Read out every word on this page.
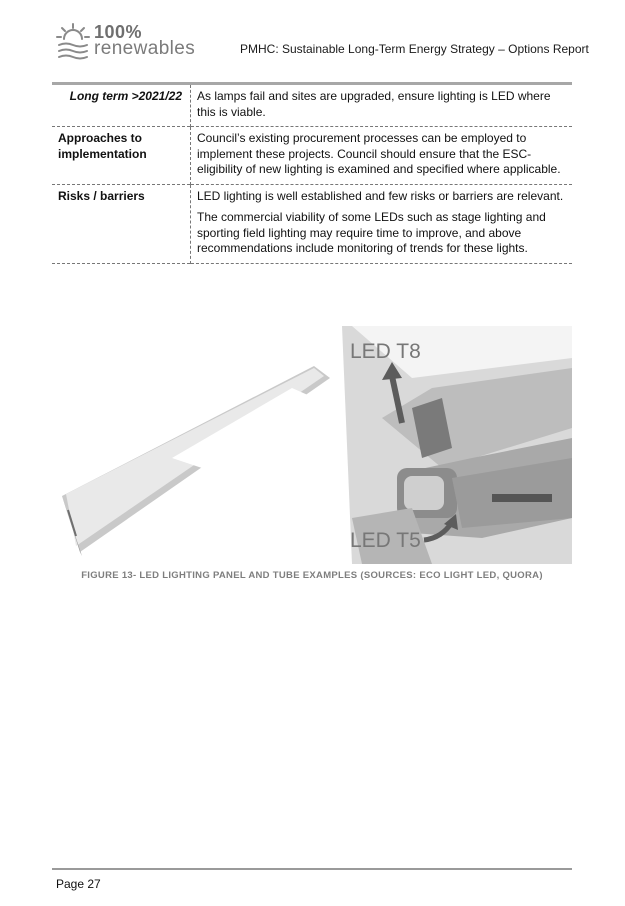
100%
renewables	PMHC: Sustainable Long-Term Energy Strategy – Options Report
Long term >2021/22	As lamps fail and sites are upgraded, ensure lighting is LED where this is viable.

Approaches to implementation	Council’s existing procurement processes can be employed to implement these projects. Council should ensure that the ESC-eligibility of new lighting is examined and specified where applicable.

Risks / barriers	LED lighting is well established and few risks or barriers are relevant.

The commercial viability of some LEDs such as stage lighting and sporting field lighting may require time to improve, and above recommendations include monitoring of trends for these lights.

LED T8
LED T5
FIGURE 13- LED LIGHTING PANEL AND TUBE EXAMPLES (SOURCES: ECO LIGHT LED, QUORA)
Page 27
